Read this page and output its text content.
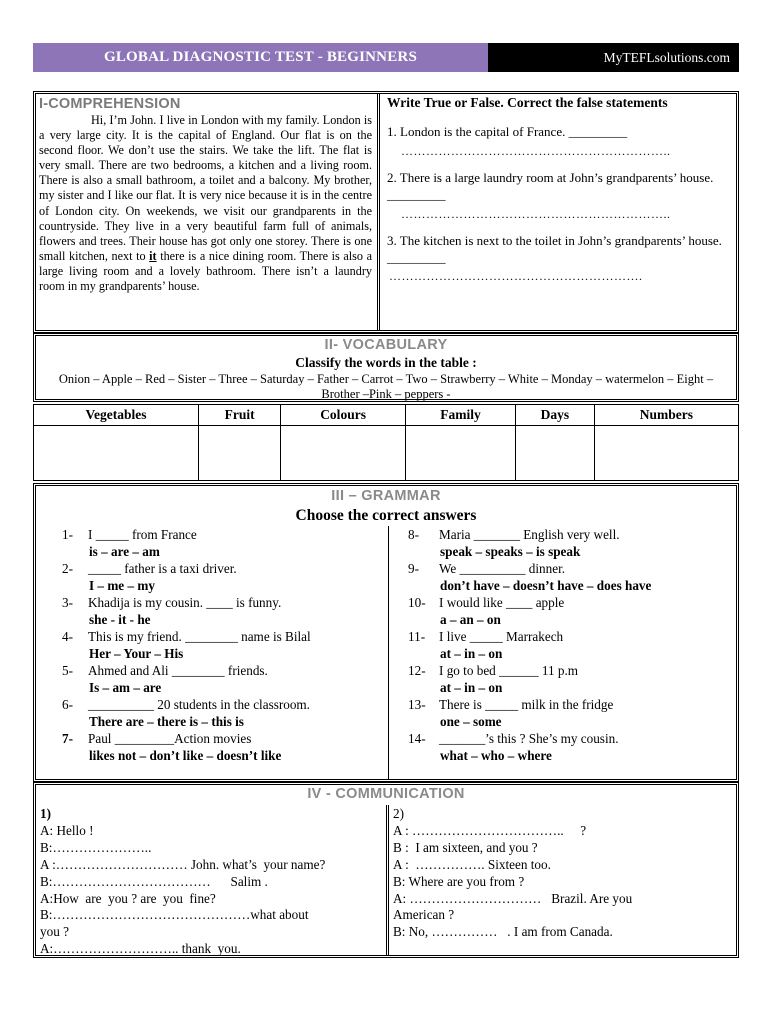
GLOBAL DIAGNOSTIC TEST - BEGINNERS	MyTEFLsolutions.com
I-COMPREHENSION

Hi, I’m John. I live in London with my family. London is a very large city. It is the capital of England. Our flat is on the second floor. We don’t use the stairs. We take the lift. The flat is very small. There are two bedrooms, a kitchen and a living room. There is also a small bathroom, a toilet and a balcony. My brother, my sister and I like our flat. It is very nice because it is in the centre of London city. On weekends, we visit our grandparents in the countryside. They live in a very beautiful farm full of animals, flowers and trees. Their house has got only one storey. There is one small kitchen, next to it there is a nice dining room. There is also a large living room and a lovely bathroom. There isn’t a laundry room in my grandparents’ house.

Write True or False. Correct the false statements

1. London is the capital of France. _________

………………………………………………………..

2. There is a large laundry room at John’s grandparents’ house. _________

………………………………………………………..

3. The kitchen is next to the toilet in John’s grandparents’ house. _________

…………………………………………………….
II- VOCABULARY
Classify the words in the table :
Onion – Apple – Red – Sister – Three – Saturday – Father – Carrot – Two – Strawberry – White – Monday – watermelon – Eight – Brother –Pink – peppers -
Vegetables	Fruit	Colours	Family	Days	Numbers

III – GRAMMAR
Choose the correct answers
1-	I _____ from France
is – are – am
2-	_____ father is a taxi driver.
I – me – my
3-	Khadija is my cousin. ____ is funny.
she - it - he
4-	This is my friend. ________ name is Bilal
Her – Your – His
5-	Ahmed and Ali ________ friends.
Is – am – are
6-	__________ 20 students in the classroom.
There are – there is – this is
7-	Paul _________Action movies
likes not – don’t like – doesn’t like
8-	Maria _______ English very well.
speak – speaks – is speak
9-	We __________ dinner.
don’t have – doesn’t have – does have
10-	I would like ____ apple
a – an – on
11-	I live _____ Marrakech
at – in – on
12-	I go to bed ______ 11 p.m
at – in – on
13-	There is _____ milk in the fridge
one – some
14-	_______’s this ? She’s my cousin.
what – who – where
IV - COMMUNICATION

1)

A: Hello !

B:…………………..

A :………………………… John. what’s  your name?

B:………………………………      Salim .

A:How  are  you ? are  you  fine?

B:………………………………………what about

you ?

A:……………………….. thank  you.

2)

A : ……………………………..     ?

B :  I am sixteen, and you ?

A :  ……………. Sixteen too.

B: Where are you from ?

A: …………………………   Brazil. Are you

American ?

B: No, ……………   . I am from Canada.
